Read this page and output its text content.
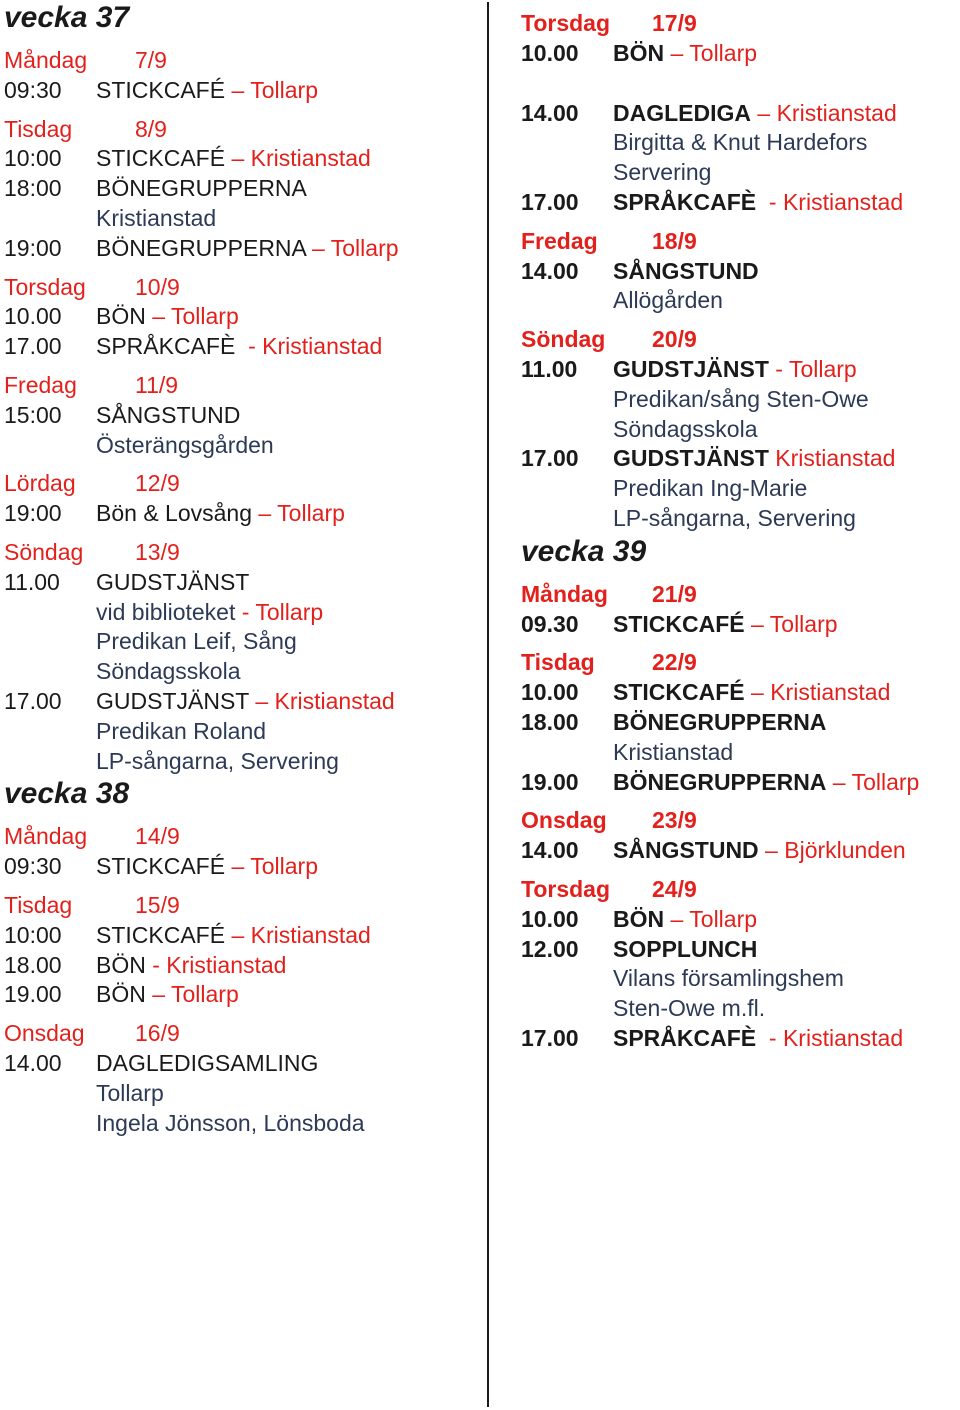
vecka 37
Måndag 7/9
09:30 STICKCAFÉ – Tollarp
Tisdag	8/9
10:00 STICKCAFÉ – Kristianstad
18:00 BÖNEGRUPPERNA
Kristianstad
19:00 BÖNEGRUPPERNA – Tollarp
Torsdag 10/9
10.00 BÖN – Tollarp
17.00 SPRÅKCAFÈ  - Kristianstad
Fredag	11/9
15:00 SÅNGSTUND
Österängsgården
Lördag	12/9
19:00 Bön & Lovsång – Tollarp
Söndag 13/9
11.00 GUDSTJÄNST
vid biblioteket - Tollarp
Predikan Leif, Sång
Söndagsskola
17.00 GUDSTJÄNST – Kristianstad
Predikan Roland
LP-sångarna, Servering
vecka 38
Måndag 14/9
09:30 STICKCAFÉ – Tollarp
Tisdag	15/9
10:00 STICKCAFÉ – Kristianstad
18.00 BÖN - Kristianstad
19.00 BÖN – Tollarp
Onsdag 16/9
14.00 DAGLEDIGSAMLING
Tollarp
Ingela Jönsson, Lönsboda
Torsdag 17/9
10.00 BÖN – Tollarp
14.00 DAGLEDIGA – Kristianstad
Birgitta & Knut Hardefors
Servering
17.00 SPRÅKCAFÈ  - Kristianstad
Fredag 18/9
14.00 SÅNGSTUND
Allögården
Söndag 20/9
11.00 GUDSTJÄNST - Tollarp
Predikan/sång Sten-Owe
Söndagsskola
17.00 GUDSTJÄNST Kristianstad
Predikan Ing-Marie
LP-sångarna, Servering
vecka 39
Måndag 21/9
09.30 STICKCAFÉ – Tollarp
Tisdag 22/9
10.00 STICKCAFÉ – Kristianstad
18.00 BÖNEGRUPPERNA
Kristianstad
19.00 BÖNEGRUPPERNA – Tollarp
Onsdag 23/9
14.00 SÅNGSTUND – Björklunden
Torsdag 24/9
10.00 BÖN – Tollarp
12.00 SOPPLUNCH
Vilans församlingshem
Sten-Owe m.fl.
17.00 SPRÅKCAFÈ  - Kristianstad
